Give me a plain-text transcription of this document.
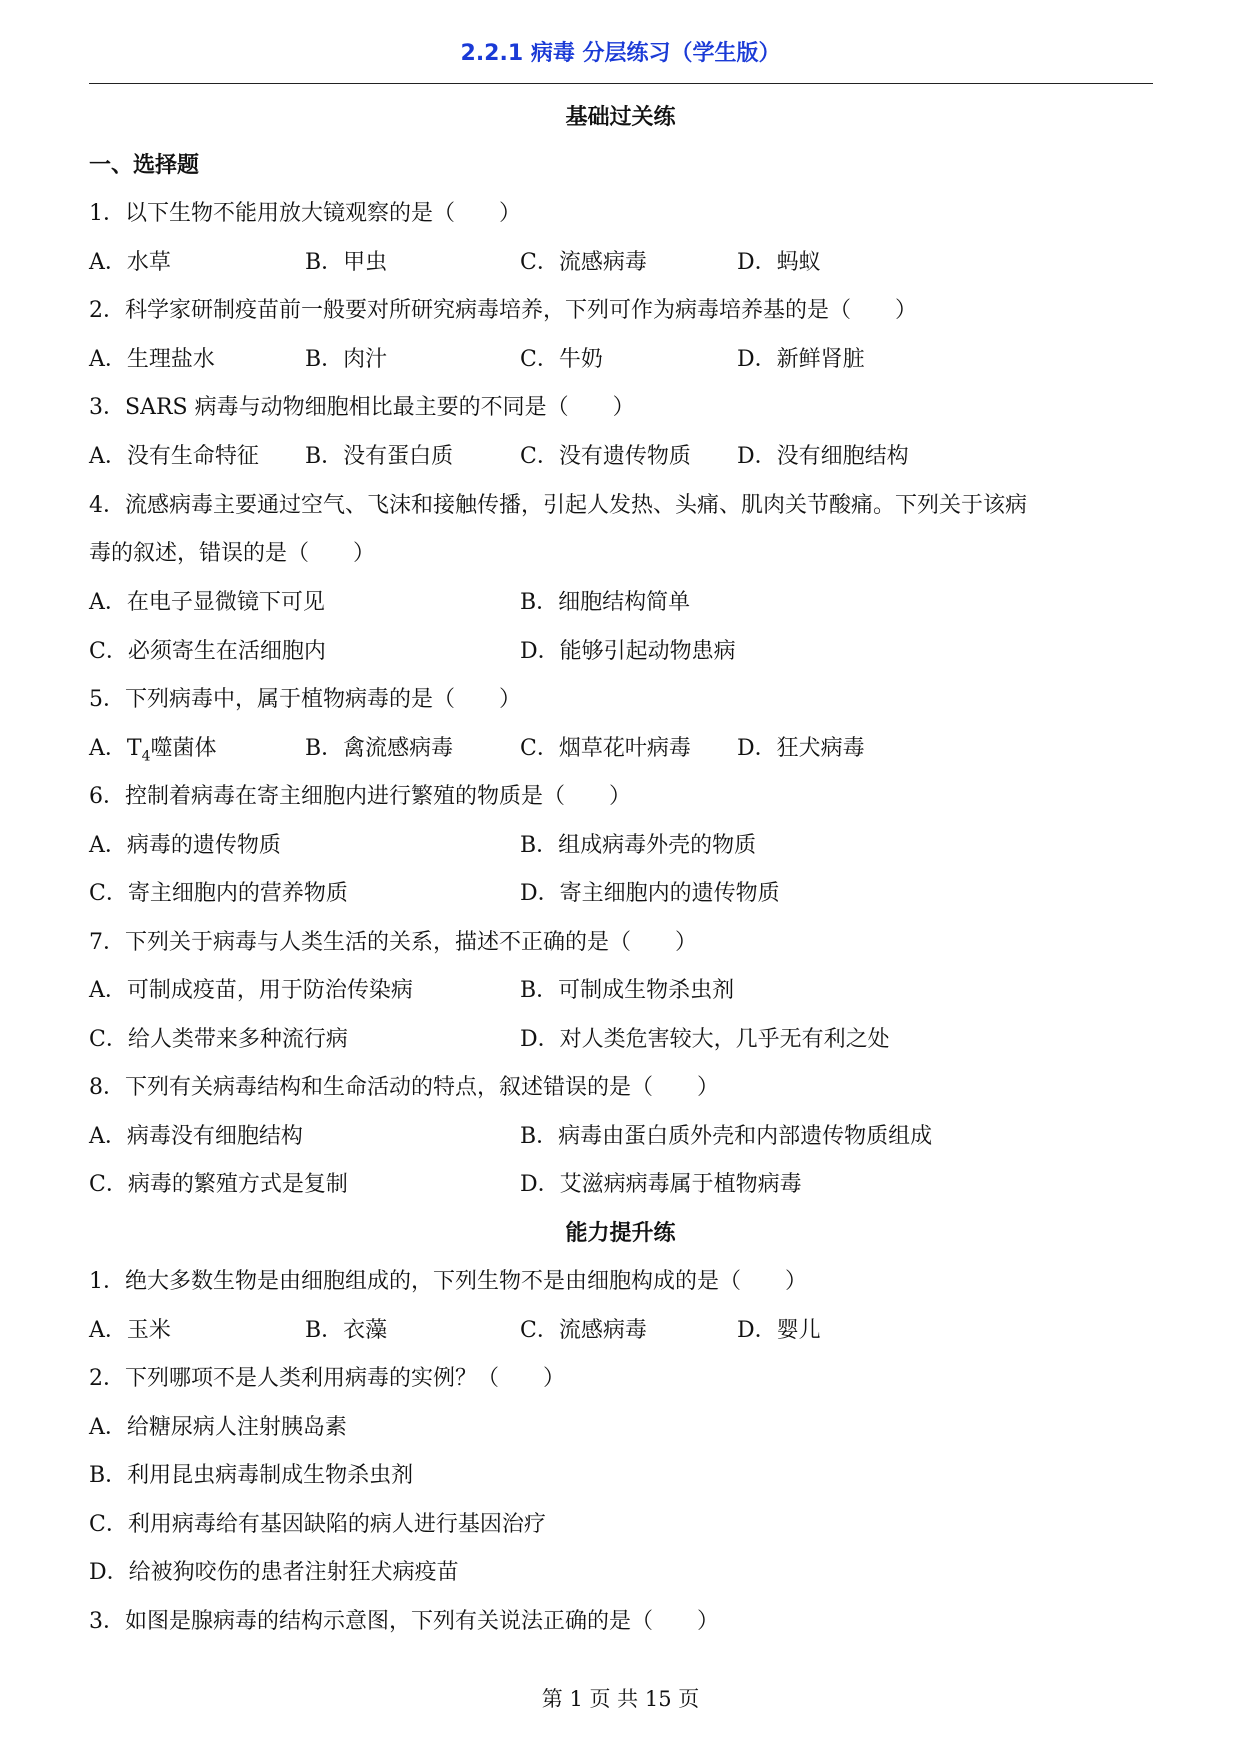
2.2.1 病毒 分层练习（学生版）
基础过关练
一、选择题
1．以下生物不能用放大镜观察的是（　　）
A．水草	B．甲虫	C．流感病毒	D．蚂蚁
2．科学家研制疫苗前一般要对所研究病毒培养，下列可作为病毒培养基的是（　　）
A．生理盐水	B．肉汁	C．牛奶	D．新鲜肾脏
3．SARS 病毒与动物细胞相比最主要的不同是（　　）
A．没有生命特征 B．没有蛋白质	C．没有遗传物质 D．没有细胞结构
4．流感病毒主要通过空气、飞沫和接触传播，引起人发热、头痛、肌肉关节酸痛。下列关于该病
毒的叙述，错误的是（　　）
A．在电子显微镜下可见	B．细胞结构简单
C．必须寄生在活细胞内	D．能够引起动物患病
5．下列病毒中，属于植物病毒的是（　　）
A．$T_4$噬菌体	B．禽流感病毒	C．烟草花叶病毒 D．狂犬病毒
6．控制着病毒在寄主细胞内进行繁殖的物质是（　　）
A．病毒的遗传物质	B．组成病毒外壳的物质
C．寄主细胞内的营养物质	D．寄主细胞内的遗传物质
7．下列关于病毒与人类生活的关系，描述不正确的是（　　）
A．可制成疫苗，用于防治传染病	B．可制成生物杀虫剂
C．给人类带来多种流行病	D．对人类危害较大，几乎无有利之处
8．下列有关病毒结构和生命活动的特点，叙述错误的是（　　）
A．病毒没有细胞结构	B．病毒由蛋白质外壳和内部遗传物质组成
C．病毒的繁殖方式是复制	D．艾滋病病毒属于植物病毒
能力提升练
1．绝大多数生物是由细胞组成的，下列生物不是由细胞构成的是（　　）
A．玉米	B．衣藻	C．流感病毒	D．婴儿
2．下列哪项不是人类利用病毒的实例？（　　）
A．给糖尿病人注射胰岛素
B．利用昆虫病毒制成生物杀虫剂
C．利用病毒给有基因缺陷的病人进行基因治疗
D．给被狗咬伤的患者注射狂犬病疫苗
3．如图是腺病毒的结构示意图，下列有关说法正确的是（　　）
第 1 页 共 15 页
